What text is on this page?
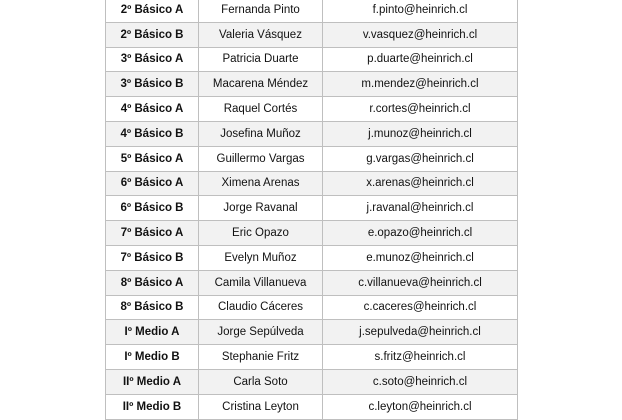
2º Básico A	Fernanda Pinto	f.pinto@heinrich.cl
2º Básico B	Valeria Vásquez	v.vasquez@heinrich.cl
3º Básico A	Patricia Duarte	p.duarte@heinrich.cl
3º Básico B	Macarena Méndez	m.mendez@heinrich.cl
4º Básico A	Raquel Cortés	r.cortes@heinrich.cl
4º Básico B	Josefina Muñoz	j.munoz@heinrich.cl
5º Básico A	Guillermo Vargas	g.vargas@heinrich.cl
6º Básico A	Ximena Arenas	x.arenas@heinrich.cl
6º Básico B	Jorge Ravanal	j.ravanal@heinrich.cl
7º Básico A	Eric Opazo	e.opazo@heinrich.cl
7º Básico B	Evelyn Muñoz	e.munoz@heinrich.cl
8º Básico A	Camila Villanueva	c.villanueva@heinrich.cl
8º Básico B	Claudio Cáceres	c.caceres@heinrich.cl
Iº Medio A	Jorge Sepúlveda	j.sepulveda@heinrich.cl
Iº Medio B	Stephanie Fritz	s.fritz@heinrich.cl
IIº Medio A	Carla Soto	c.soto@heinrich.cl
IIº Medio B	Cristina Leyton	c.leyton@heinrich.cl
